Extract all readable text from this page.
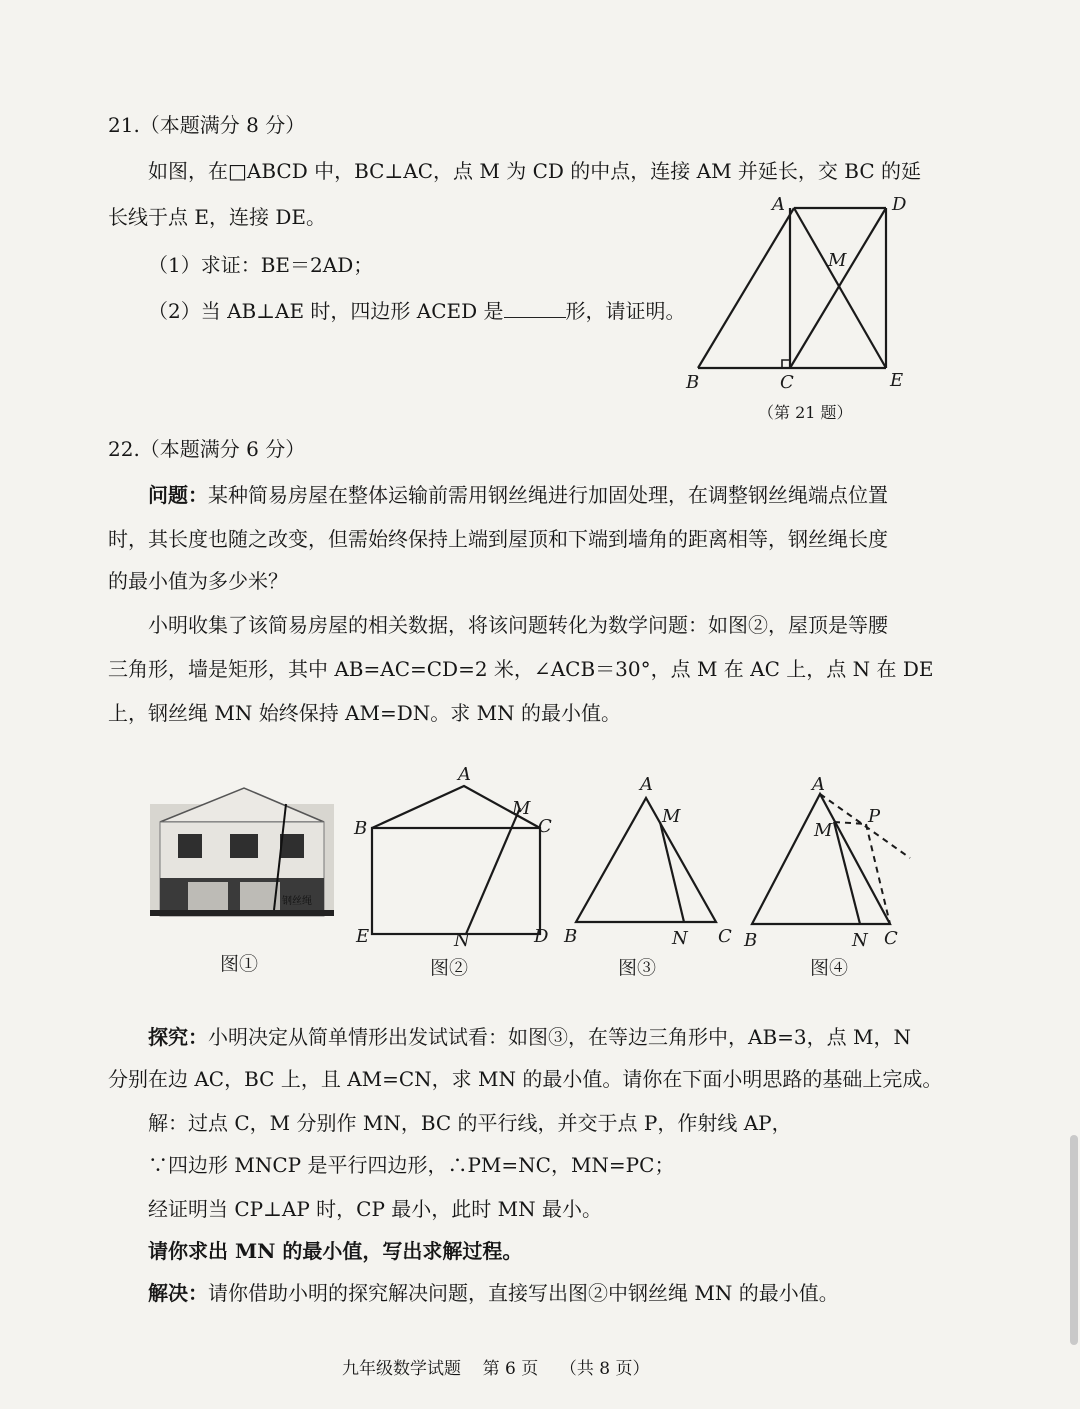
21.（本题满分 8 分）
如图，在□ABCD 中，BC⊥AC，点 M 为 CD 的中点，连接 AM 并延长，交 BC 的延
长线于点 E，连接 DE。
（1）求证：BE＝2AD；
（2）当 AB⊥AE 时，四边形 ACED 是	形，请证明。
A	D
M
B	C	E
（第 21 题）
22.（本题满分 6 分）
问题：某种简易房屋在整体运输前需用钢丝绳进行加固处理，在调整钢丝绳端点位置
时，其长度也随之改变，但需始终保持上端到屋顶和下端到墙角的距离相等，钢丝绳长度
的最小值为多少米？
小明收集了该简易房屋的相关数据，将该问题转化为数学问题：如图②，屋顶是等腰
三角形，墙是矩形，其中 AB=AC=CD=2 米，∠ACB＝30°，点 M 在 AC 上，点 N 在 DE
上，钢丝绳 MN 始终保持 AM=DN。求 MN 的最小值。
钢丝绳
图①
A
B	C
M
E	N	D
图②
A
M
B	N C
图③
A
M
P
B	N C
图④
探究：小明决定从简单情形出发试试看：如图③，在等边三角形中，AB=3，点 M，N
分别在边 AC，BC 上，且 AM=CN，求 MN 的最小值。请你在下面小明思路的基础上完成。
解：过点 C，M 分别作 MN，BC 的平行线，并交于点 P，作射线 AP，
∵四边形 MNCP 是平行四边形，∴PM=NC，MN=PC；
经证明当 CP⊥AP 时，CP 最小，此时 MN 最小。
请你求出 MN 的最小值，写出求解过程。
解决：请你借助小明的探究解决问题，直接写出图②中钢丝绳 MN 的最小值。
九年级数学试题 第 6 页 （共 8 页）
